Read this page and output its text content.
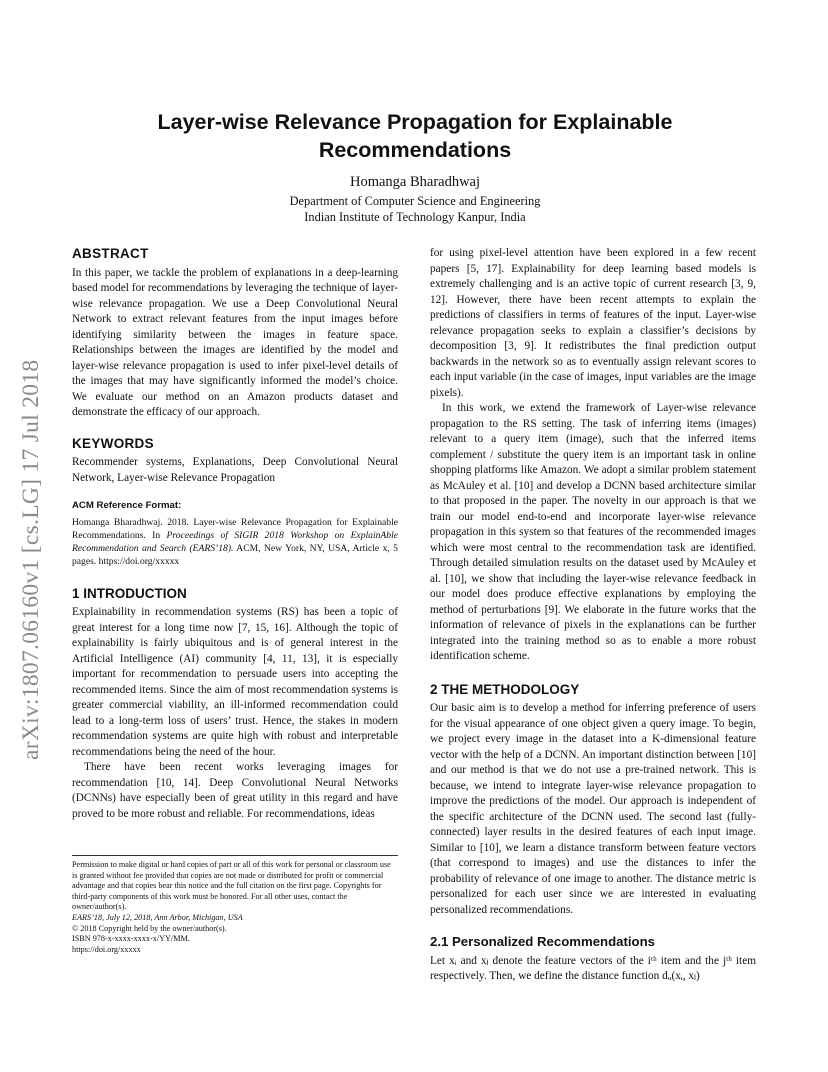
Layer-wise Relevance Propagation for Explainable Recommendations
Homanga Bharadhwaj
Department of Computer Science and Engineering
Indian Institute of Technology Kanpur, India
arXiv:1807.06160v1 [cs.LG] 17 Jul 2018

ABSTRACT

In this paper, we tackle the problem of explanations in a deep-learning based model for recommendations by leveraging the technique of layer-wise relevance propagation. We use a Deep Convolutional Neural Network to extract relevant features from the input images before identifying similarity between the images in feature space. Relationships between the images are identified by the model and layer-wise relevance propagation is used to infer pixel-level details of the images that may have significantly informed the model’s choice. We evaluate our method on an Amazon products dataset and demonstrate the efficacy of our approach.

KEYWORDS

Recommender systems, Explanations, Deep Convolutional Neural Network, Layer-wise Relevance Propagation

ACM Reference Format:

Homanga Bharadhwaj. 2018. Layer-wise Relevance Propagation for Explainable Recommendations. In Proceedings of SIGIR 2018 Workshop on ExplainAble Recommendation and Search (EARS’18). ACM, New York, NY, USA, Article x, 5 pages. https://doi.org/xxxxx

1 INTRODUCTION

Explainability in recommendation systems (RS) has been a topic of great interest for a long time now [7, 15, 16]. Although the topic of explainability is fairly ubiquitous and is of general interest in the Artificial Intelligence (AI) community [4, 11, 13], it is especially important for recommendation to persuade users into accepting the recommended items. Since the aim of most recommendation systems is greater commercial viability, an ill-informed recommendation could lead to a long-term loss of users’ trust. Hence, the stakes in modern recommendation systems are quite high with robust and interpretable recommendations being the need of the hour.

There have been recent works leveraging images for recommendation [10, 14]. Deep Convolutional Neural Networks (DCNNs) have especially been of great utility in this regard and have proved to be more robust and reliable. For recommendations, ideas

Permission to make digital or hard copies of part or all of this work for personal or classroom use is granted without fee provided that copies are not made or distributed for profit or commercial advantage and that copies bear this notice and the full citation on the first page. Copyrights for third-party components of this work must be honored. For all other uses, contact the owner/author(s).

EARS’18, July 12, 2018, Ann Arbor, Michigan, USA

© 2018 Copyright held by the owner/author(s).

ISBN 978-x-xxxx-xxxx-x/YY/MM.

https://doi.org/xxxxx

for using pixel-level attention have been explored in a few recent papers [5, 17]. Explainability for deep learning based models is extremely challenging and is an active topic of current research [3, 9, 12]. However, there have been recent attempts to explain the predictions of classifiers in terms of features of the input. Layer-wise relevance propagation seeks to explain a classifier’s decisions by decomposition [3, 9]. It redistributes the final prediction output backwards in the network so as to eventually assign relevant scores to each input variable (in the case of images, input variables are the image pixels).

In this work, we extend the framework of Layer-wise relevance propagation to the RS setting. The task of inferring items (images) relevant to a query item (image), such that the inferred items complement / substitute the query item is an important task in online shopping platforms like Amazon. We adopt a similar problem statement as McAuley et al. [10] and develop a DCNN based architecture similar to that proposed in the paper. The novelty in our approach is that we train our model end-to-end and incorporate layer-wise relevance propagation in this system so that features of the recommended images which were most central to the recommendation task are identified. Through detailed simulation results on the dataset used by McAuley et al. [10], we show that including the layer-wise relevance feedback in our model does produce effective explanations by employing the method of perturbations [9]. We elaborate in the future works that the information of relevance of pixels in the explanations can be further integrated into the training method so as to enable a more robust identification scheme.

2 THE METHODOLOGY

Our basic aim is to develop a method for inferring preference of users for the visual appearance of one object given a query image. To begin, we project every image in the dataset into a K-dimensional feature vector with the help of a DCNN. An important distinction between [10] and our method is that we do not use a pre-trained network. This is because, we intend to integrate layer-wise relevance propagation to improve the predictions of the model. Our approach is independent of the specific architecture of the DCNN used. The second last (fully-connected) layer results in the desired features of each input image. Similar to [10], we learn a distance transform between feature vectors (that correspond to images) and use the distances to infer the probability of relevance of one image to another. The distance metric is personalized for each user since we are interested in evaluating personalized recommendations.

2.1 Personalized Recommendations

Let xᵢ and xⱼ denote the feature vectors of the iᵗʰ item and the jᵗʰ item respectively. Then, we define the distance function dᵤ(xᵢ, xⱼ)
